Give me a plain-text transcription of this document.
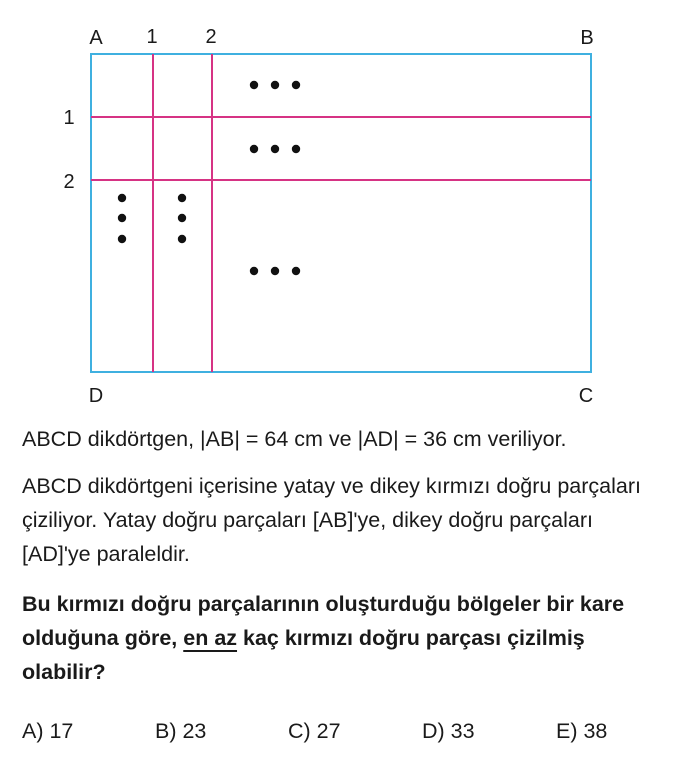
A	B
C
D
1 2
1
2

ABCD dikdörtgen, |AB| = 64 cm ve |AD| = 36 cm veriliyor.

ABCD dikdörtgeni içerisine yatay ve dikey kırmızı doğru parçaları çiziliyor. Yatay doğru parçaları [AB]'ye, dikey doğru parçaları [AD]'ye paraleldir.

Bu kırmızı doğru parçalarının oluşturduğu bölgeler bir kare olduğuna göre, en az kaç kırmızı doğru parçası çizilmiş olabilir?

A) 17	B) 23	C) 27	D) 33	E) 38
